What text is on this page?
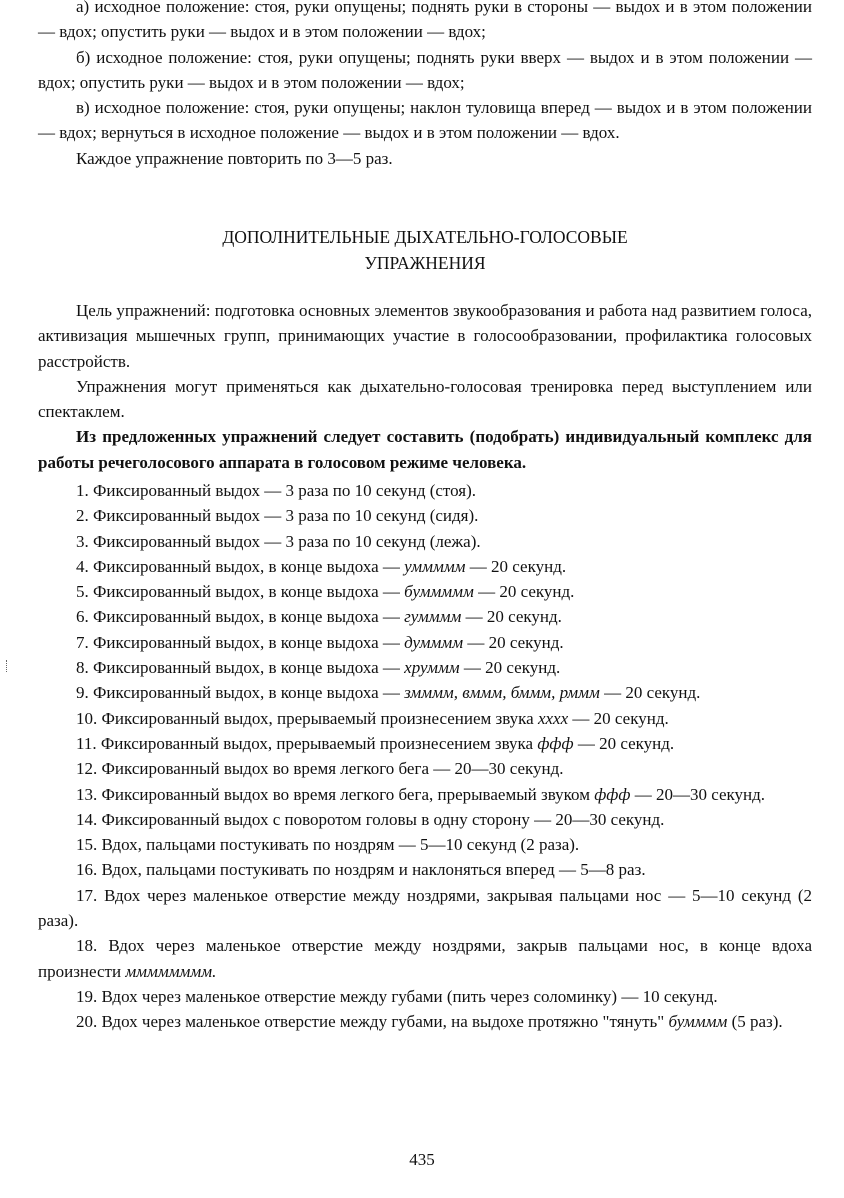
а) исходное положение: стоя, руки опущены; поднять руки в стороны — выдох и в этом положении — вдох; опустить руки — выдох и в этом положении — вдох;

б) исходное положение: стоя, руки опущены; поднять руки вверх — выдох и в этом положении — вдох; опустить руки — выдох и в этом положении — вдох;

в) исходное положение: стоя, руки опущены; наклон туловища вперед — выдох и в этом положении — вдох; вернуться в исходное положение — выдох и в этом положении — вдох.

Каждое упражнение повторить по 3—5 раз.

ДОПОЛНИТЕЛЬНЫЕ ДЫХАТЕЛЬНО-ГОЛОСОВЫЕ
УПРАЖНЕНИЯ

Цель упражнений: подготовка основных элементов звукообразования и работа над развитием голоса, активизация мышечных групп, принимающих участие в голосообразовании, профилактика голосовых расстройств.

Упражнения могут применяться как дыхательно-голосовая тренировка перед выступлением или спектаклем.

Из предложенных упражнений следует составить (подобрать) индивидуальный комплекс для работы речеголосового аппарата в голосовом режиме человека.

1. Фиксированный выдох — 3 раза по 10 секунд (стоя).

2. Фиксированный выдох — 3 раза по 10 секунд (сидя).

3. Фиксированный выдох — 3 раза по 10 секунд (лежа).

4. Фиксированный выдох, в конце выдоха — уммммм — 20 секунд.

5. Фиксированный выдох, в конце выдоха — буммммм — 20 секунд.

6. Фиксированный выдох, в конце выдоха — гумммм — 20 секунд.

7. Фиксированный выдох, в конце выдоха — думммм — 20 секунд.

8. Фиксированный выдох, в конце выдоха — хруммм — 20 секунд.

9. Фиксированный выдох, в конце выдоха — змммм, вммм, бммм, рммм — 20 секунд.

10. Фиксированный выдох, прерываемый произнесением звука хххх — 20 секунд.

11. Фиксированный выдох, прерываемый произнесением звука ффф — 20 секунд.

12. Фиксированный выдох во время легкого бега — 20—30 секунд.

13. Фиксированный выдох во время легкого бега, прерываемый звуком ффф — 20—30 секунд.

14. Фиксированный выдох с поворотом головы в одну сторону — 20—30 секунд.

15. Вдох, пальцами постукивать по ноздрям — 5—10 секунд (2 раза).

16. Вдох, пальцами постукивать по ноздрям и наклоняться вперед — 5—8 раз.

17. Вдох через маленькое отверстие между ноздрями, закрывая пальцами нос — 5—10 секунд (2 раза).

18. Вдох через маленькое отверстие между ноздрями, закрыв пальцами нос, в конце вдоха произнести мммммммм.

19. Вдох через маленькое отверстие между губами (пить через соломинку) — 10 секунд.

20. Вдох через маленькое отверстие между губами, на выдохе протяжно "тянуть" бумммм (5 раз).

435
